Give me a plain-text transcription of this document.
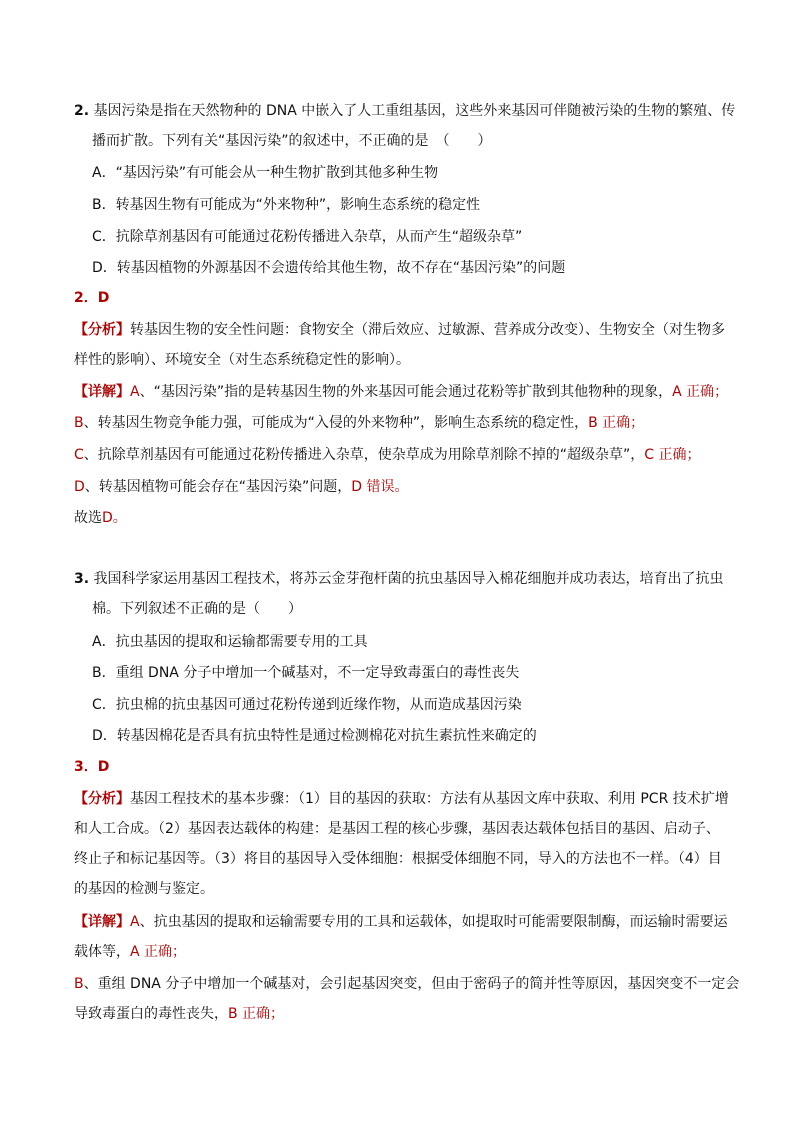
2. 基因污染是指在天然物种的 DNA 中嵌入了人工重组基因，这些外来基因可伴随被污染的生物的繁殖、传
播而扩散。下列有关“基因污染”的叙述中，不正确的是　（　　）
A．“基因污染”有可能会从一种生物扩散到其他多种生物
B．转基因生物有可能成为“外来物种”，影响生态系统的稳定性
C．抗除草剂基因有可能通过花粉传播进入杂草，从而产生“超级杂草”
D．转基因植物的外源基因不会遗传给其他生物，故不存在“基因污染”的问题
2．D
【分析】转基因生物的安全性问题：食物安全（滞后效应、过敏源、营养成分改变）、生物安全（对生物多
样性的影响）、环境安全（对生态系统稳定性的影响）。
【详解】A、“基因污染”指的是转基因生物的外来基因可能会通过花粉等扩散到其他物种的现象，A 正确；
B、转基因生物竞争能力强，可能成为“入侵的外来物种”，影响生态系统的稳定性，B 正确；
C、抗除草剂基因有可能通过花粉传播进入杂草，使杂草成为用除草剂除不掉的“超级杂草”，C 正确；
D、转基因植物可能会存在“基因污染”问题，D 错误。
故选D。
3. 我国科学家运用基因工程技术，将苏云金芽孢杆菌的抗虫基因导入棉花细胞并成功表达，培育出了抗虫
棉。下列叙述不正确的是（　　）
A．抗虫基因的提取和运输都需要专用的工具
B．重组 DNA 分子中增加一个碱基对，不一定导致毒蛋白的毒性丧失
C．抗虫棉的抗虫基因可通过花粉传递到近缘作物，从而造成基因污染
D．转基因棉花是否具有抗虫特性是通过检测棉花对抗生素抗性来确定的
3．D
【分析】基因工程技术的基本步骤：（1）目的基因的获取：方法有从基因文库中获取、利用 PCR 技术扩增
和人工合成。（2）基因表达载体的构建：是基因工程的核心步骤，基因表达载体包括目的基因、启动子、
终止子和标记基因等。（3）将目的基因导入受体细胞：根据受体细胞不同，导入的方法也不一样。（4）目
的基因的检测与鉴定。
【详解】A、抗虫基因的提取和运输需要专用的工具和运载体，如提取时可能需要限制酶，而运输时需要运
载体等，A 正确；
B、重组 DNA 分子中增加一个碱基对，会引起基因突变，但由于密码子的简并性等原因，基因突变不一定会
导致毒蛋白的毒性丧失，B 正确；
